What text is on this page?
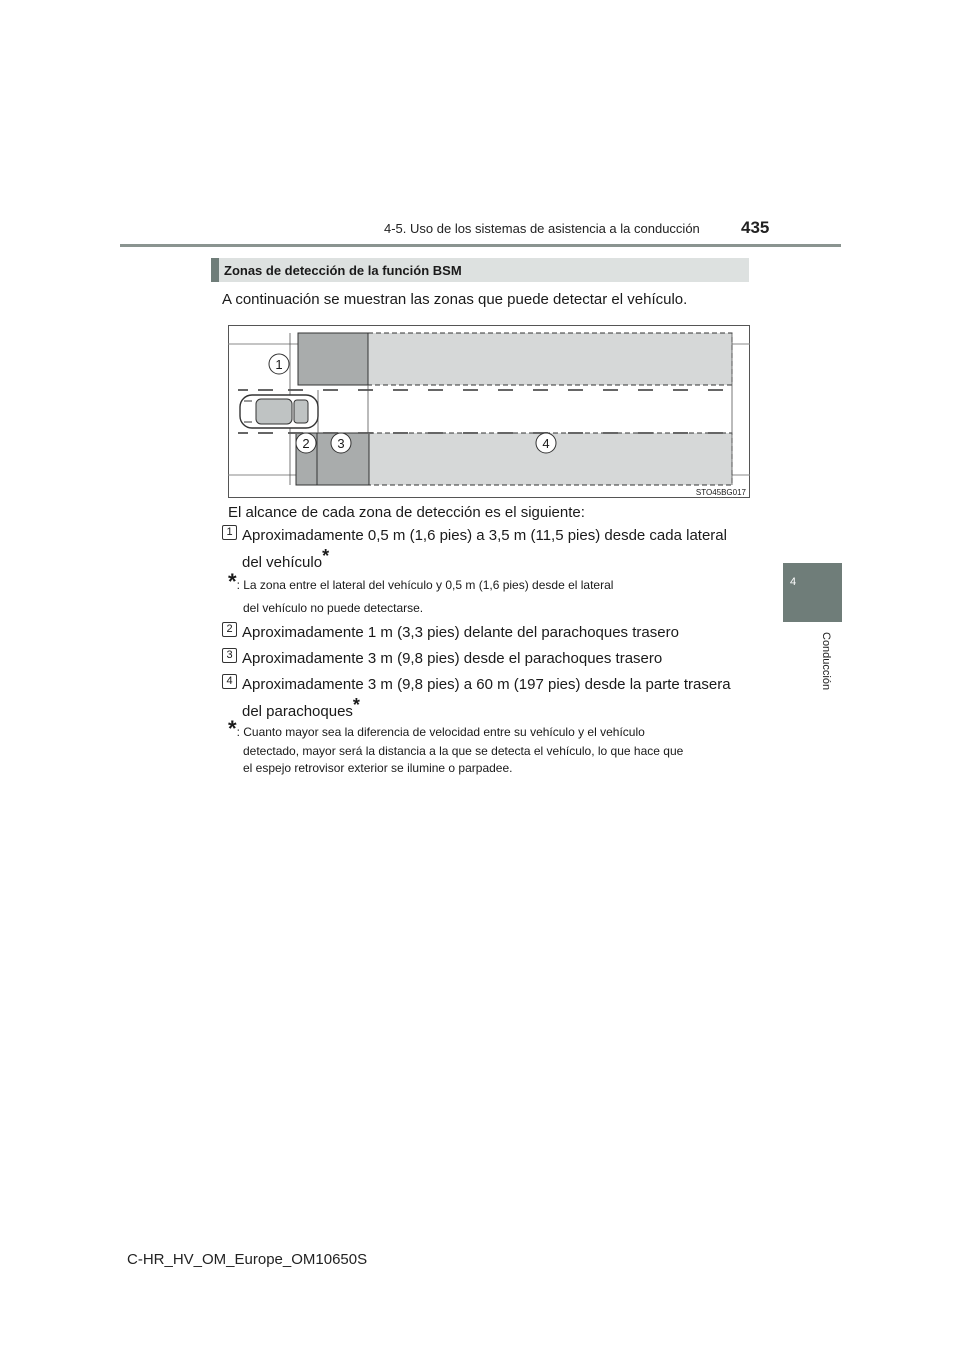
4-5. Uso de los sistemas de asistencia a la conducción 435
4
Conducción
Zonas de detección de la función BSM
A continuación se muestran las zonas que puede detectar el vehículo.
1
2 3	4
STO45BG017
El alcance de cada zona de detección es el siguiente:
1 Aproximadamente 0,5 m (1,6 pies) a 3,5 m (11,5 pies) desde cada lateral
del vehículo*
*: La zona entre el lateral del vehículo y 0,5 m (1,6 pies) desde el lateral
del vehículo no puede detectarse.
2 Aproximadamente 1 m (3,3 pies) delante del parachoques trasero
3 Aproximadamente 3 m (9,8 pies) desde el parachoques trasero
4 Aproximadamente 3 m (9,8 pies) a 60 m (197 pies) desde la parte trasera
del parachoques*
*: Cuanto mayor sea la diferencia de velocidad entre su vehículo y el vehículo
detectado, mayor será la distancia a la que se detecta el vehículo, lo que hace que
el espejo retrovisor exterior se ilumine o parpadee.
C-HR_HV_OM_Europe_OM10650S
